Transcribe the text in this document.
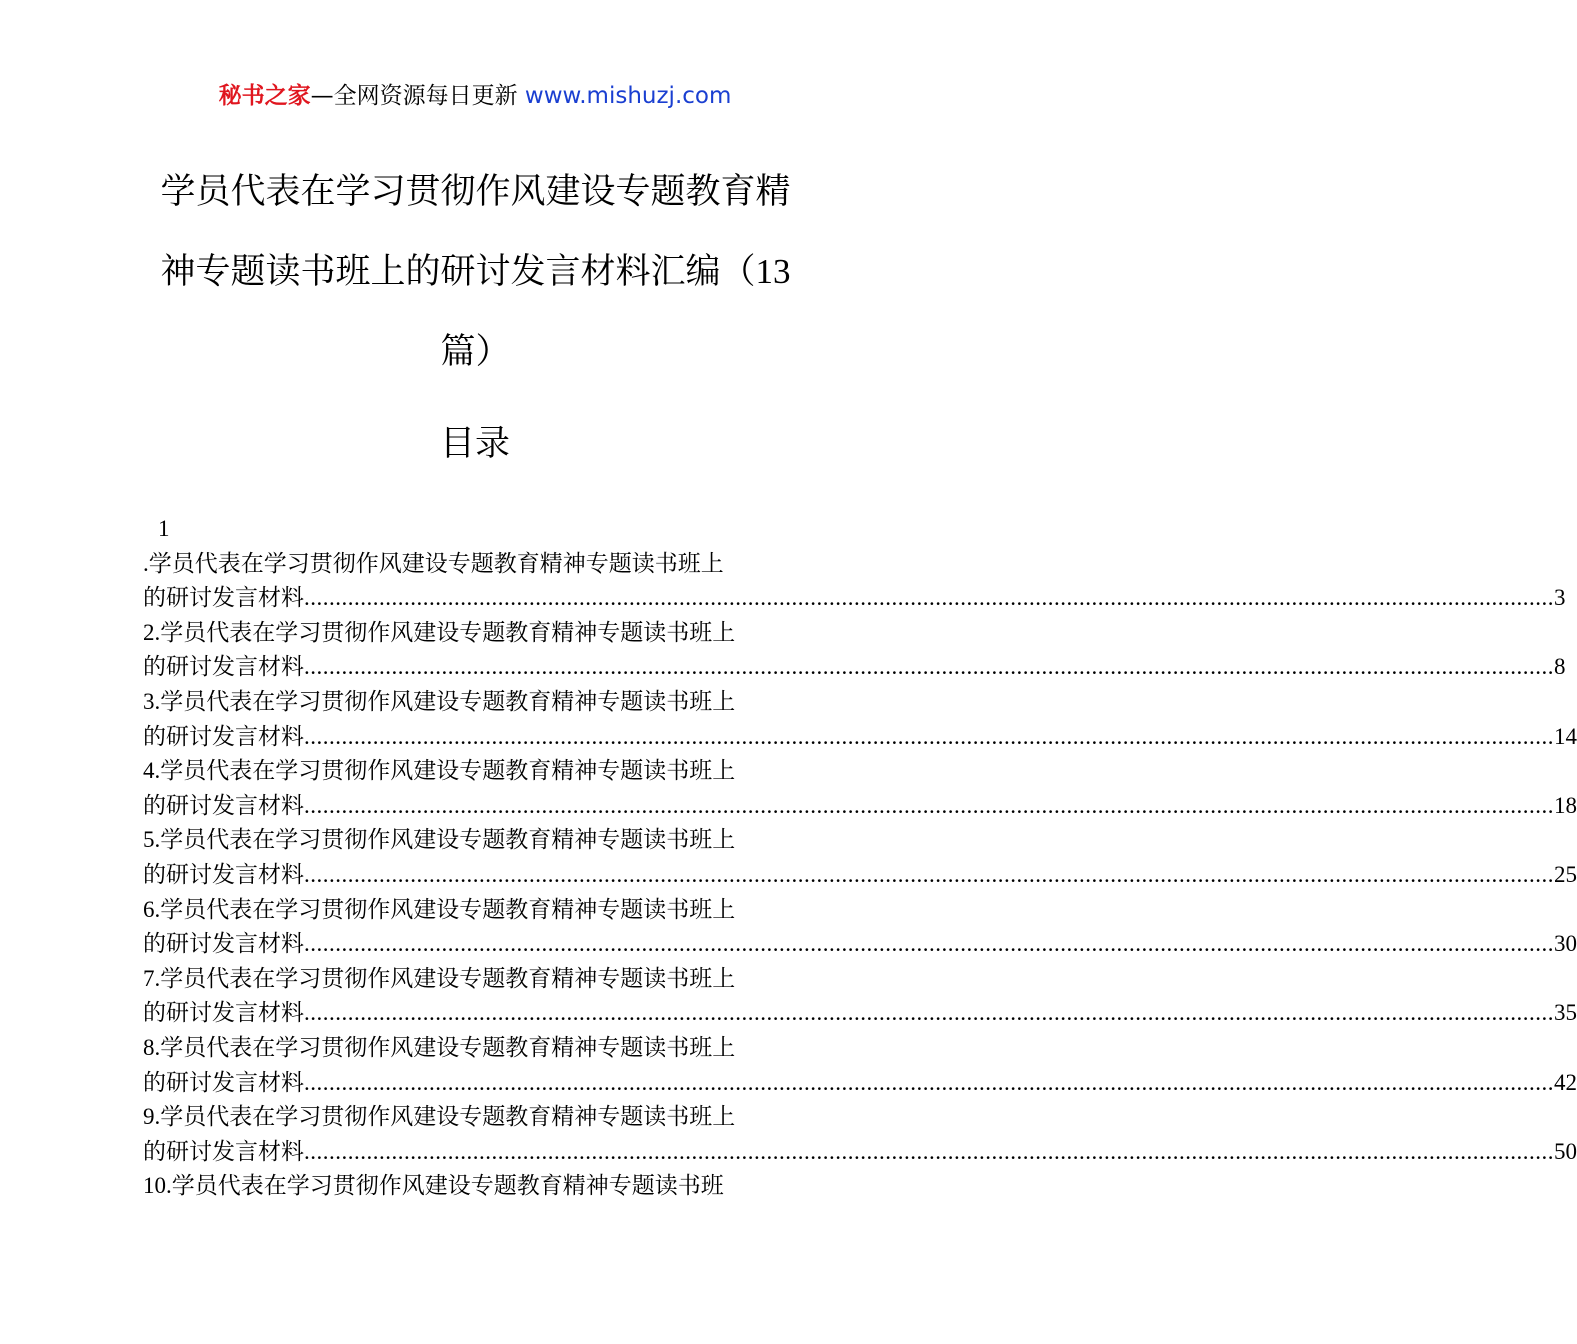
秘书之家—全网资源每日更新 www.mishuzj.com
学员代表在学习贯彻作风建设专题教育精
神专题读书班上的研讨发言材料汇编（13
篇）
目录
1
.学员代表在学习贯彻作风建设专题教育精神专题读书班上
的研讨发言材料 ........................................................................................................................................................................................................ 3
2.学员代表在学习贯彻作风建设专题教育精神专题读书班上
的研讨发言材料 ........................................................................................................................................................................................................ 8
3.学员代表在学习贯彻作风建设专题教育精神专题读书班上
的研讨发言材料 ........................................................................................................................................................................................................ 14
4.学员代表在学习贯彻作风建设专题教育精神专题读书班上
的研讨发言材料 ........................................................................................................................................................................................................ 18
5.学员代表在学习贯彻作风建设专题教育精神专题读书班上
的研讨发言材料 ........................................................................................................................................................................................................ 25
6.学员代表在学习贯彻作风建设专题教育精神专题读书班上
的研讨发言材料 ........................................................................................................................................................................................................ 30
7.学员代表在学习贯彻作风建设专题教育精神专题读书班上
的研讨发言材料 ........................................................................................................................................................................................................ 35
8.学员代表在学习贯彻作风建设专题教育精神专题读书班上
的研讨发言材料 ........................................................................................................................................................................................................ 42
9.学员代表在学习贯彻作风建设专题教育精神专题读书班上
的研讨发言材料 ........................................................................................................................................................................................................ 50
10.学员代表在学习贯彻作风建设专题教育精神专题读书班
